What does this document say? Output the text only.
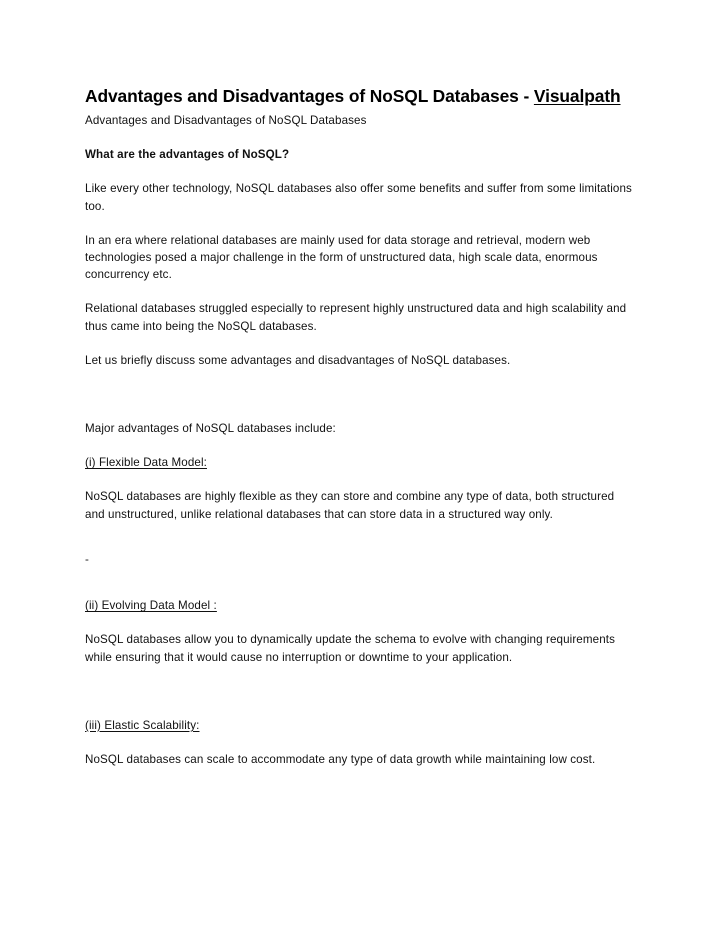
Advantages and Disadvantages of NoSQL Databases - Visualpath

Advantages and Disadvantages of NoSQL Databases

What are the advantages of NoSQL?

Like every other technology, NoSQL databases also offer some benefits and suffer from some limitations too.

In an era where relational databases are mainly used for data storage and retrieval, modern web technologies posed a major challenge in the form of unstructured data, high scale data, enormous concurrency etc.

Relational databases struggled especially to represent highly unstructured data and high scalability and thus came into being the NoSQL databases.

Let us briefly discuss some advantages and disadvantages of NoSQL databases.

Major advantages of NoSQL databases include:

(i) Flexible Data Model:

NoSQL databases are highly flexible as they can store and combine any type of data, both structured and unstructured, unlike relational databases that can store data in a structured way only.

-

(ii) Evolving Data Model :

NoSQL databases allow you to dynamically update the schema to evolve with changing requirements while ensuring that it would cause no interruption or downtime to your application.

(iii) Elastic Scalability:

NoSQL databases can scale to accommodate any type of data growth while maintaining low cost.
